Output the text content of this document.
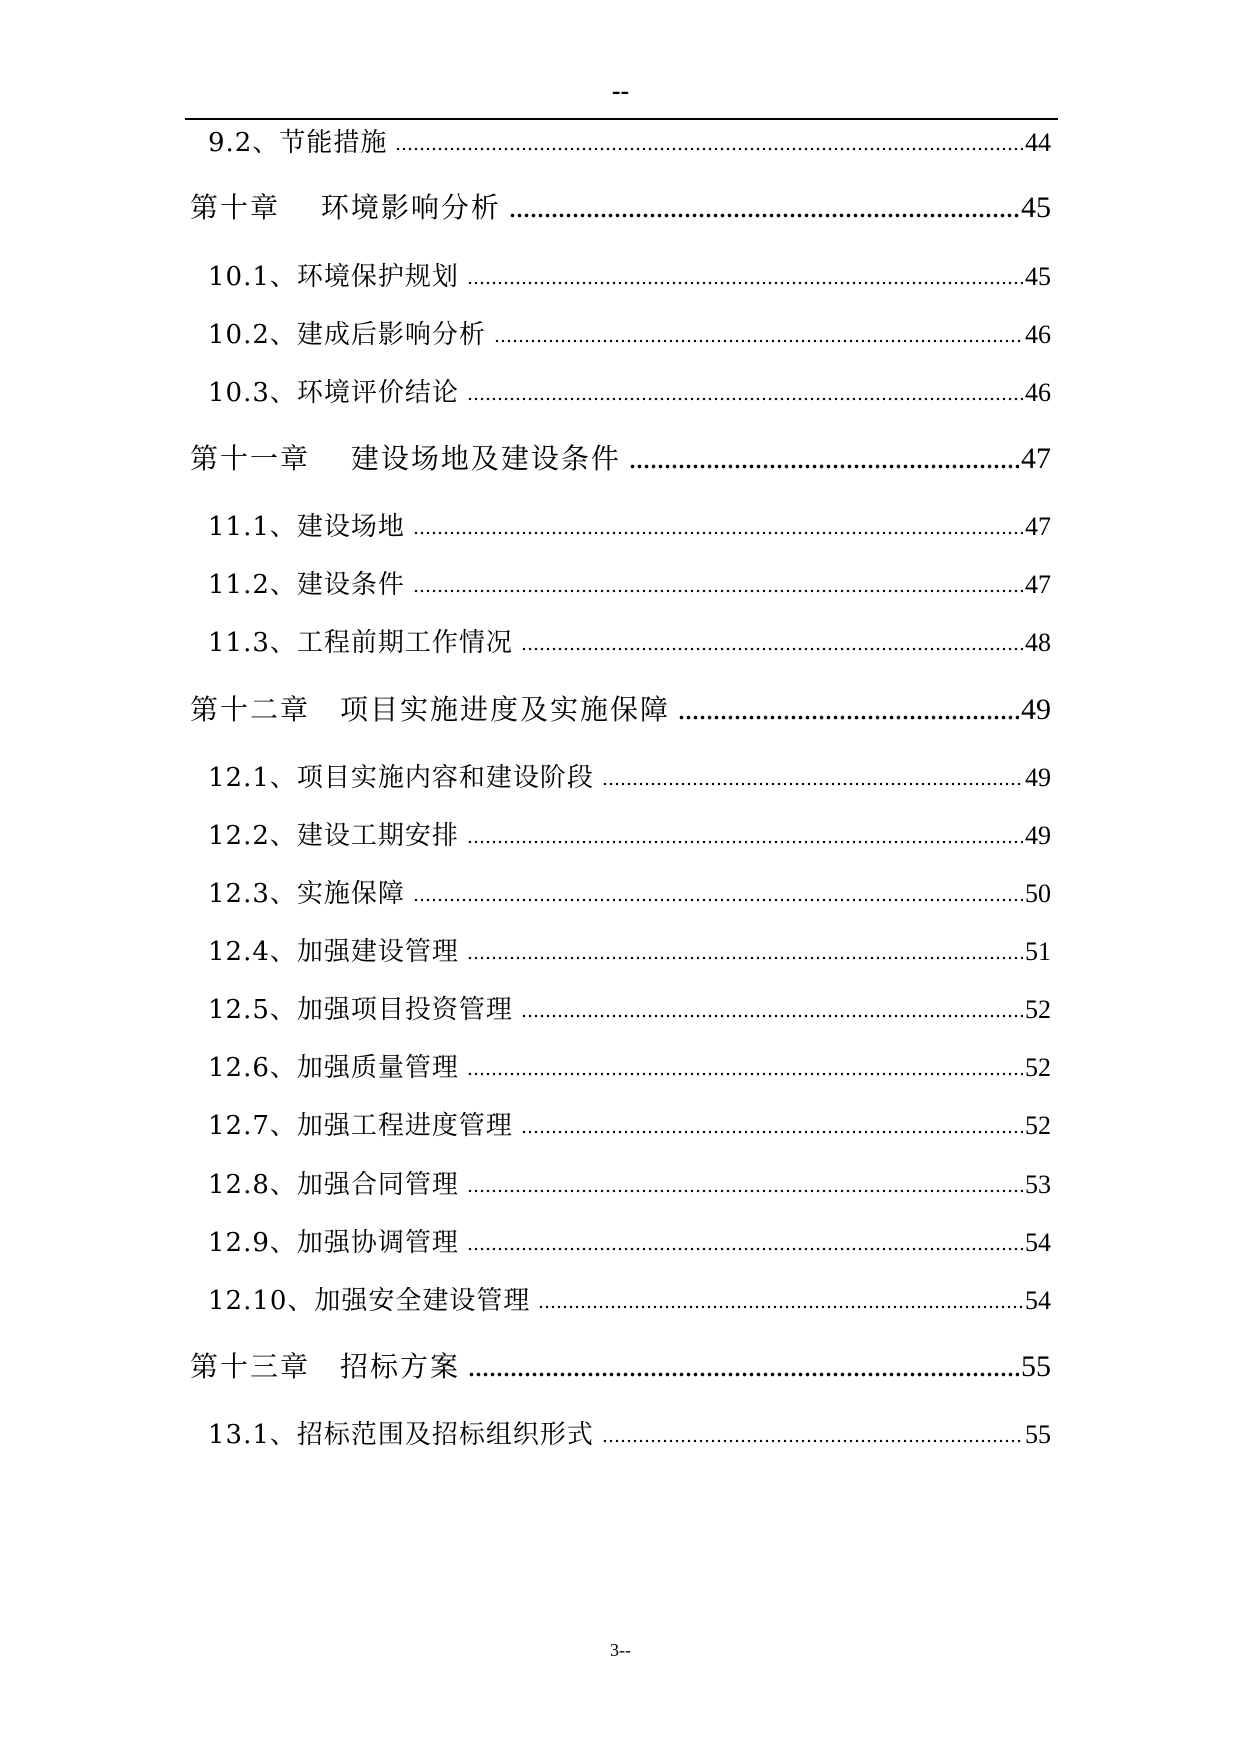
--
9.2、节能措施	44
第十章　 环境影响分析	45
10.1、环境保护规划	45
10.2、建成后影响分析	46
10.3、环境评价结论	46
第十一章　 建设场地及建设条件	47
11.1、建设场地	47
11.2、建设条件	47
11.3、工程前期工作情况	48
第十二章　项目实施进度及实施保障	49
12.1、项目实施内容和建设阶段	49
12.2、建设工期安排	49
12.3、实施保障	50
12.4、加强建设管理	51
12.5、加强项目投资管理	52
12.6、加强质量管理	52
12.7、加强工程进度管理	52
12.8、加强合同管理	53
12.9、加强协调管理	54
12.10、加强安全建设管理	54
第十三章　招标方案	55
13.1、招标范围及招标组织形式	55
3--
